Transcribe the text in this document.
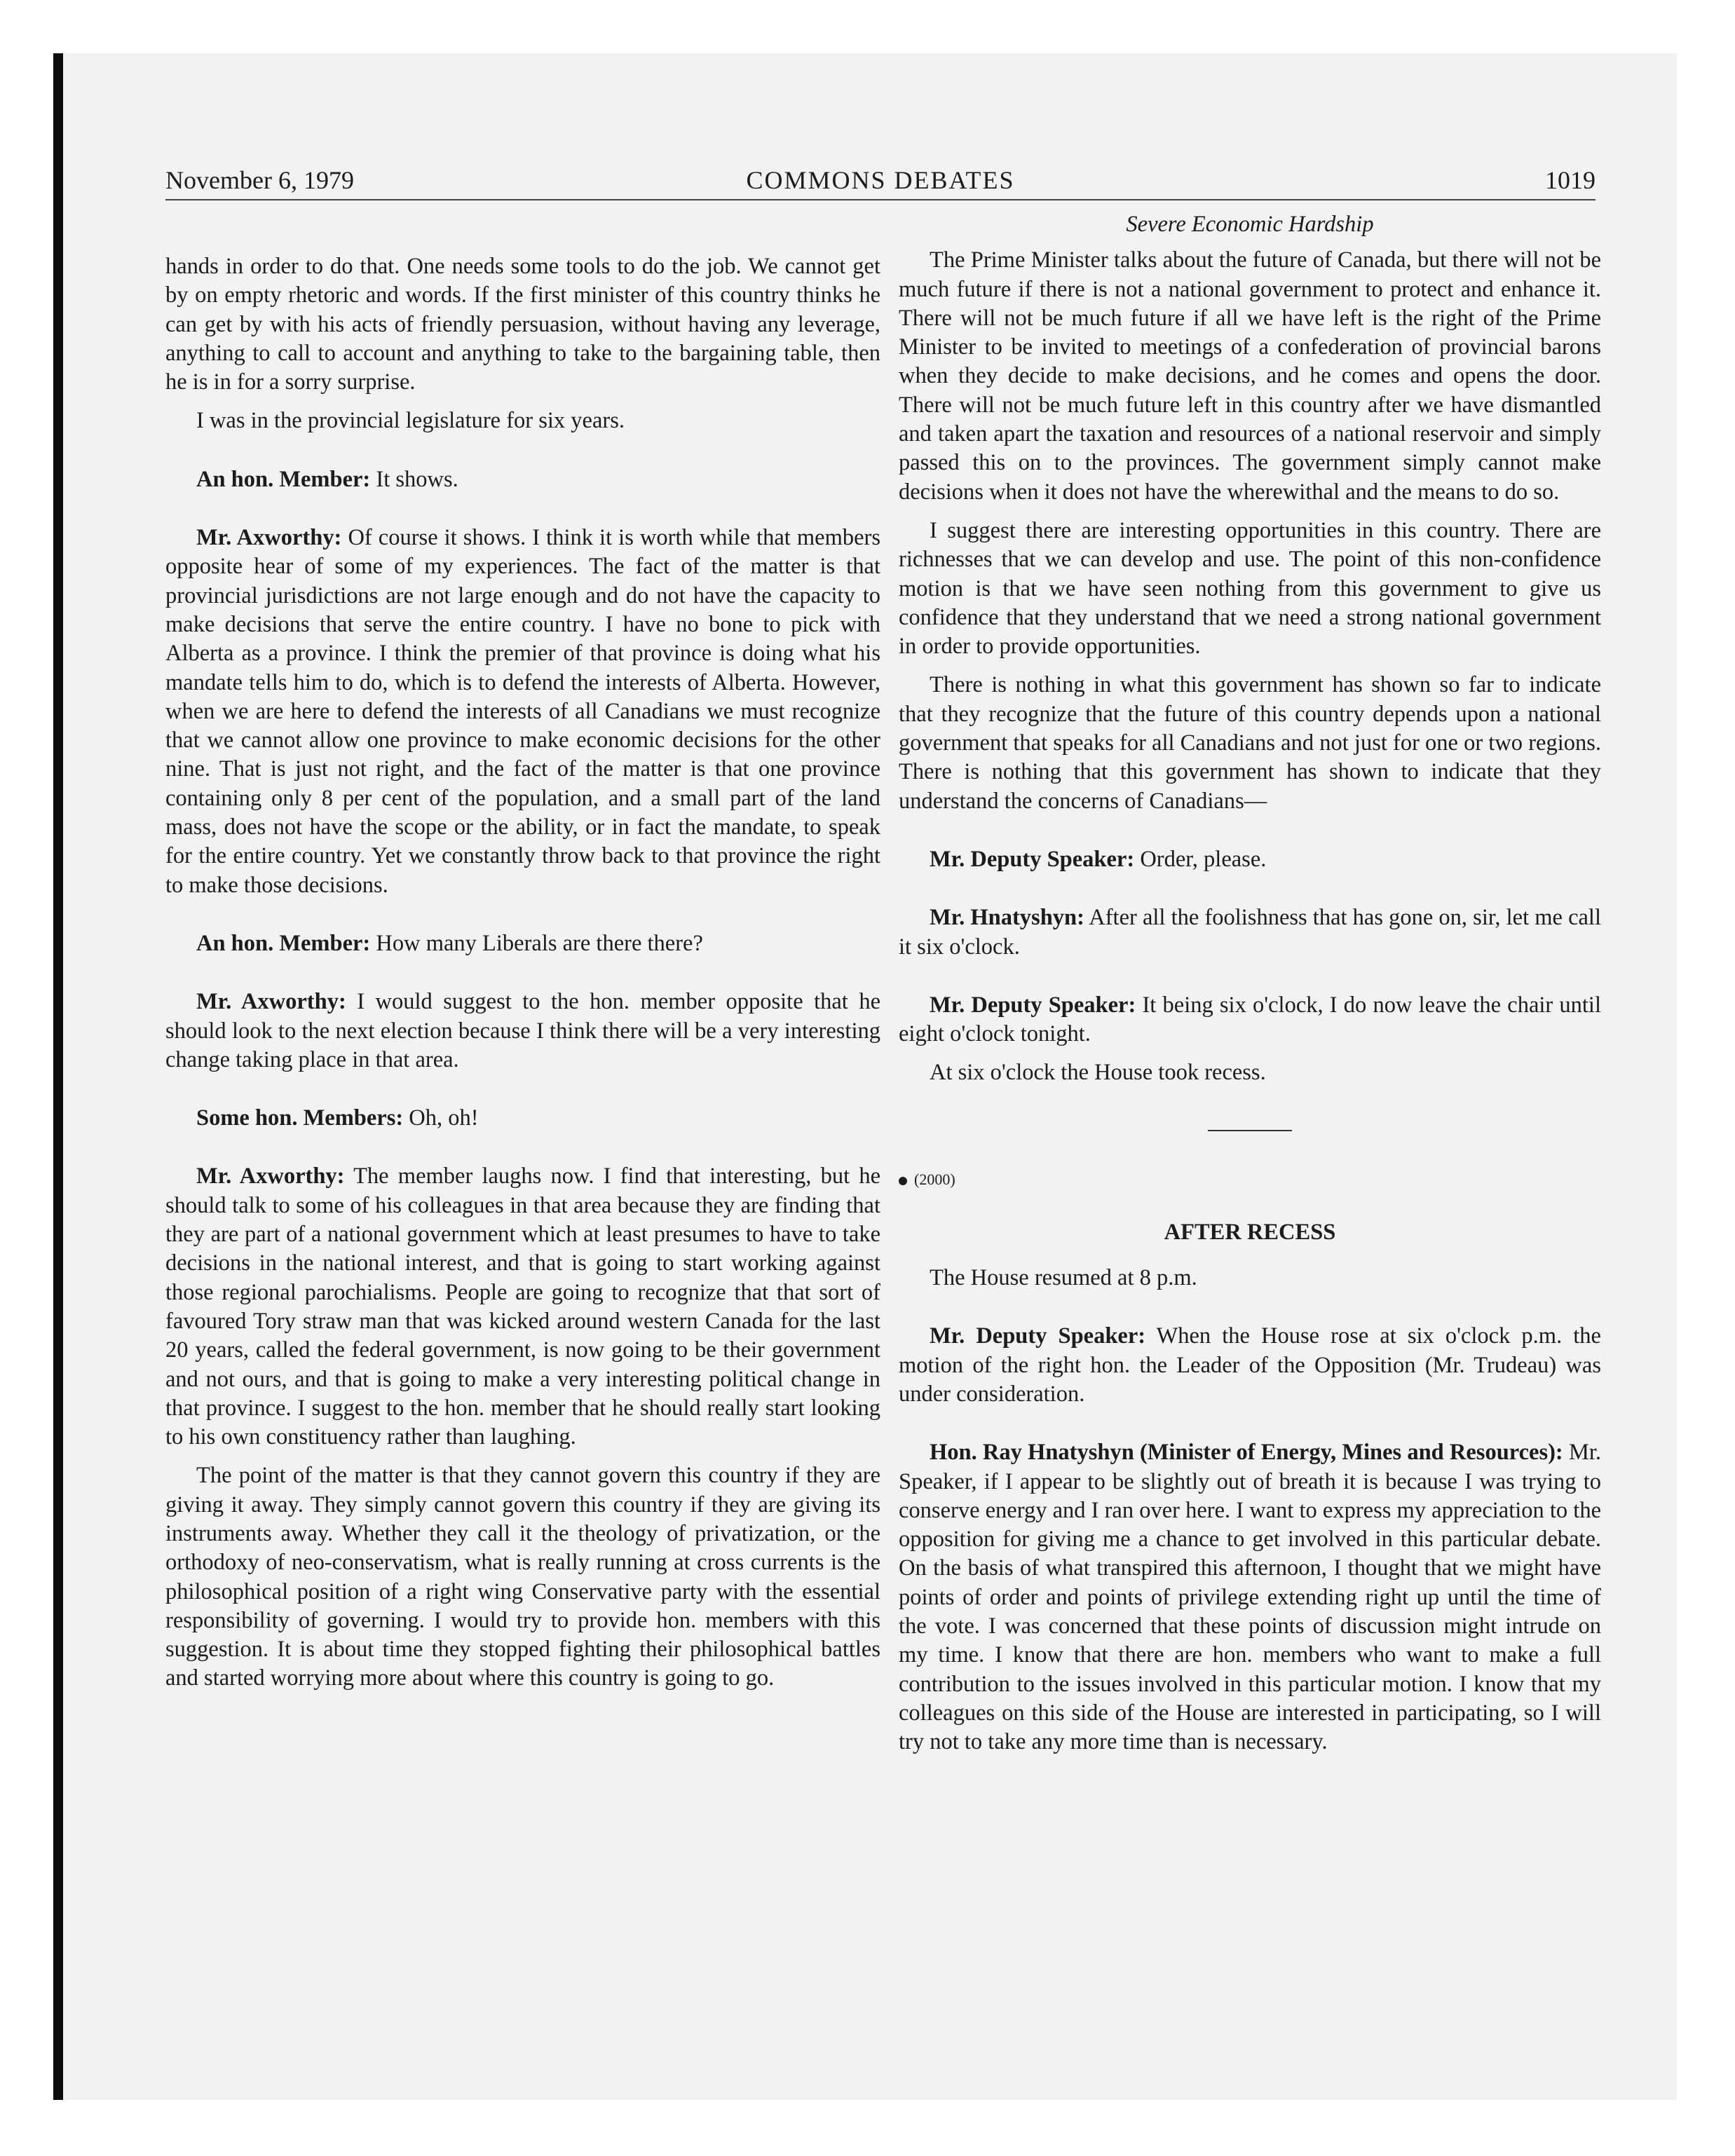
November 6, 1979	COMMONS DEBATES	1019

hands in order to do that. One needs some tools to do the job. We cannot get by on empty rhetoric and words. If the first minister of this country thinks he can get by with his acts of friendly persuasion, without having any leverage, anything to call to account and anything to take to the bargaining table, then he is in for a sorry surprise.

I was in the provincial legislature for six years.

An hon. Member: It shows.

Mr. Axworthy: Of course it shows. I think it is worth while that members opposite hear of some of my experiences. The fact of the matter is that provincial jurisdictions are not large enough and do not have the capacity to make decisions that serve the entire country. I have no bone to pick with Alberta as a province. I think the premier of that province is doing what his mandate tells him to do, which is to defend the interests of Alberta. However, when we are here to defend the interests of all Canadians we must recognize that we cannot allow one province to make economic decisions for the other nine. That is just not right, and the fact of the matter is that one province containing only 8 per cent of the population, and a small part of the land mass, does not have the scope or the ability, or in fact the mandate, to speak for the entire country. Yet we constantly throw back to that province the right to make those decisions.

An hon. Member: How many Liberals are there there?

Mr. Axworthy: I would suggest to the hon. member opposite that he should look to the next election because I think there will be a very interesting change taking place in that area.

Some hon. Members: Oh, oh!

Mr. Axworthy: The member laughs now. I find that interesting, but he should talk to some of his colleagues in that area because they are finding that they are part of a national government which at least presumes to have to take decisions in the national interest, and that is going to start working against those regional parochialisms. People are going to recognize that that sort of favoured Tory straw man that was kicked around western Canada for the last 20 years, called the federal government, is now going to be their government and not ours, and that is going to make a very interesting political change in that province. I suggest to the hon. member that he should really start looking to his own constituency rather than laughing.

The point of the matter is that they cannot govern this country if they are giving it away. They simply cannot govern this country if they are giving its instruments away. Whether they call it the theology of privatization, or the orthodoxy of neo-conservatism, what is really running at cross currents is the philosophical position of a right wing Conservative party with the essential responsibility of governing. I would try to provide hon. members with this suggestion. It is about time they stopped fighting their philosophical battles and started worrying more about where this country is going to go.

Severe Economic Hardship

The Prime Minister talks about the future of Canada, but there will not be much future if there is not a national government to protect and enhance it. There will not be much future if all we have left is the right of the Prime Minister to be invited to meetings of a confederation of provincial barons when they decide to make decisions, and he comes and opens the door. There will not be much future left in this country after we have dismantled and taken apart the taxation and resources of a national reservoir and simply passed this on to the provinces. The government simply cannot make decisions when it does not have the wherewithal and the means to do so.

I suggest there are interesting opportunities in this country. There are richnesses that we can develop and use. The point of this non-confidence motion is that we have seen nothing from this government to give us confidence that they understand that we need a strong national government in order to provide opportunities.

There is nothing in what this government has shown so far to indicate that they recognize that the future of this country depends upon a national government that speaks for all Canadians and not just for one or two regions. There is nothing that this government has shown to indicate that they understand the concerns of Canadians—

Mr. Deputy Speaker: Order, please.

Mr. Hnatyshyn: After all the foolishness that has gone on, sir, let me call it six o'clock.

Mr. Deputy Speaker: It being six o'clock, I do now leave the chair until eight o'clock tonight.

At six o'clock the House took recess.

(2000)

AFTER RECESS

The House resumed at 8 p.m.

Mr. Deputy Speaker: When the House rose at six o'clock p.m. the motion of the right hon. the Leader of the Opposition (Mr. Trudeau) was under consideration.

Hon. Ray Hnatyshyn (Minister of Energy, Mines and Resources): Mr. Speaker, if I appear to be slightly out of breath it is because I was trying to conserve energy and I ran over here. I want to express my appreciation to the opposition for giving me a chance to get involved in this particular debate. On the basis of what transpired this afternoon, I thought that we might have points of order and points of privilege extending right up until the time of the vote. I was concerned that these points of discussion might intrude on my time. I know that there are hon. members who want to make a full contribution to the issues involved in this particular motion. I know that my colleagues on this side of the House are interested in participating, so I will try not to take any more time than is necessary.
